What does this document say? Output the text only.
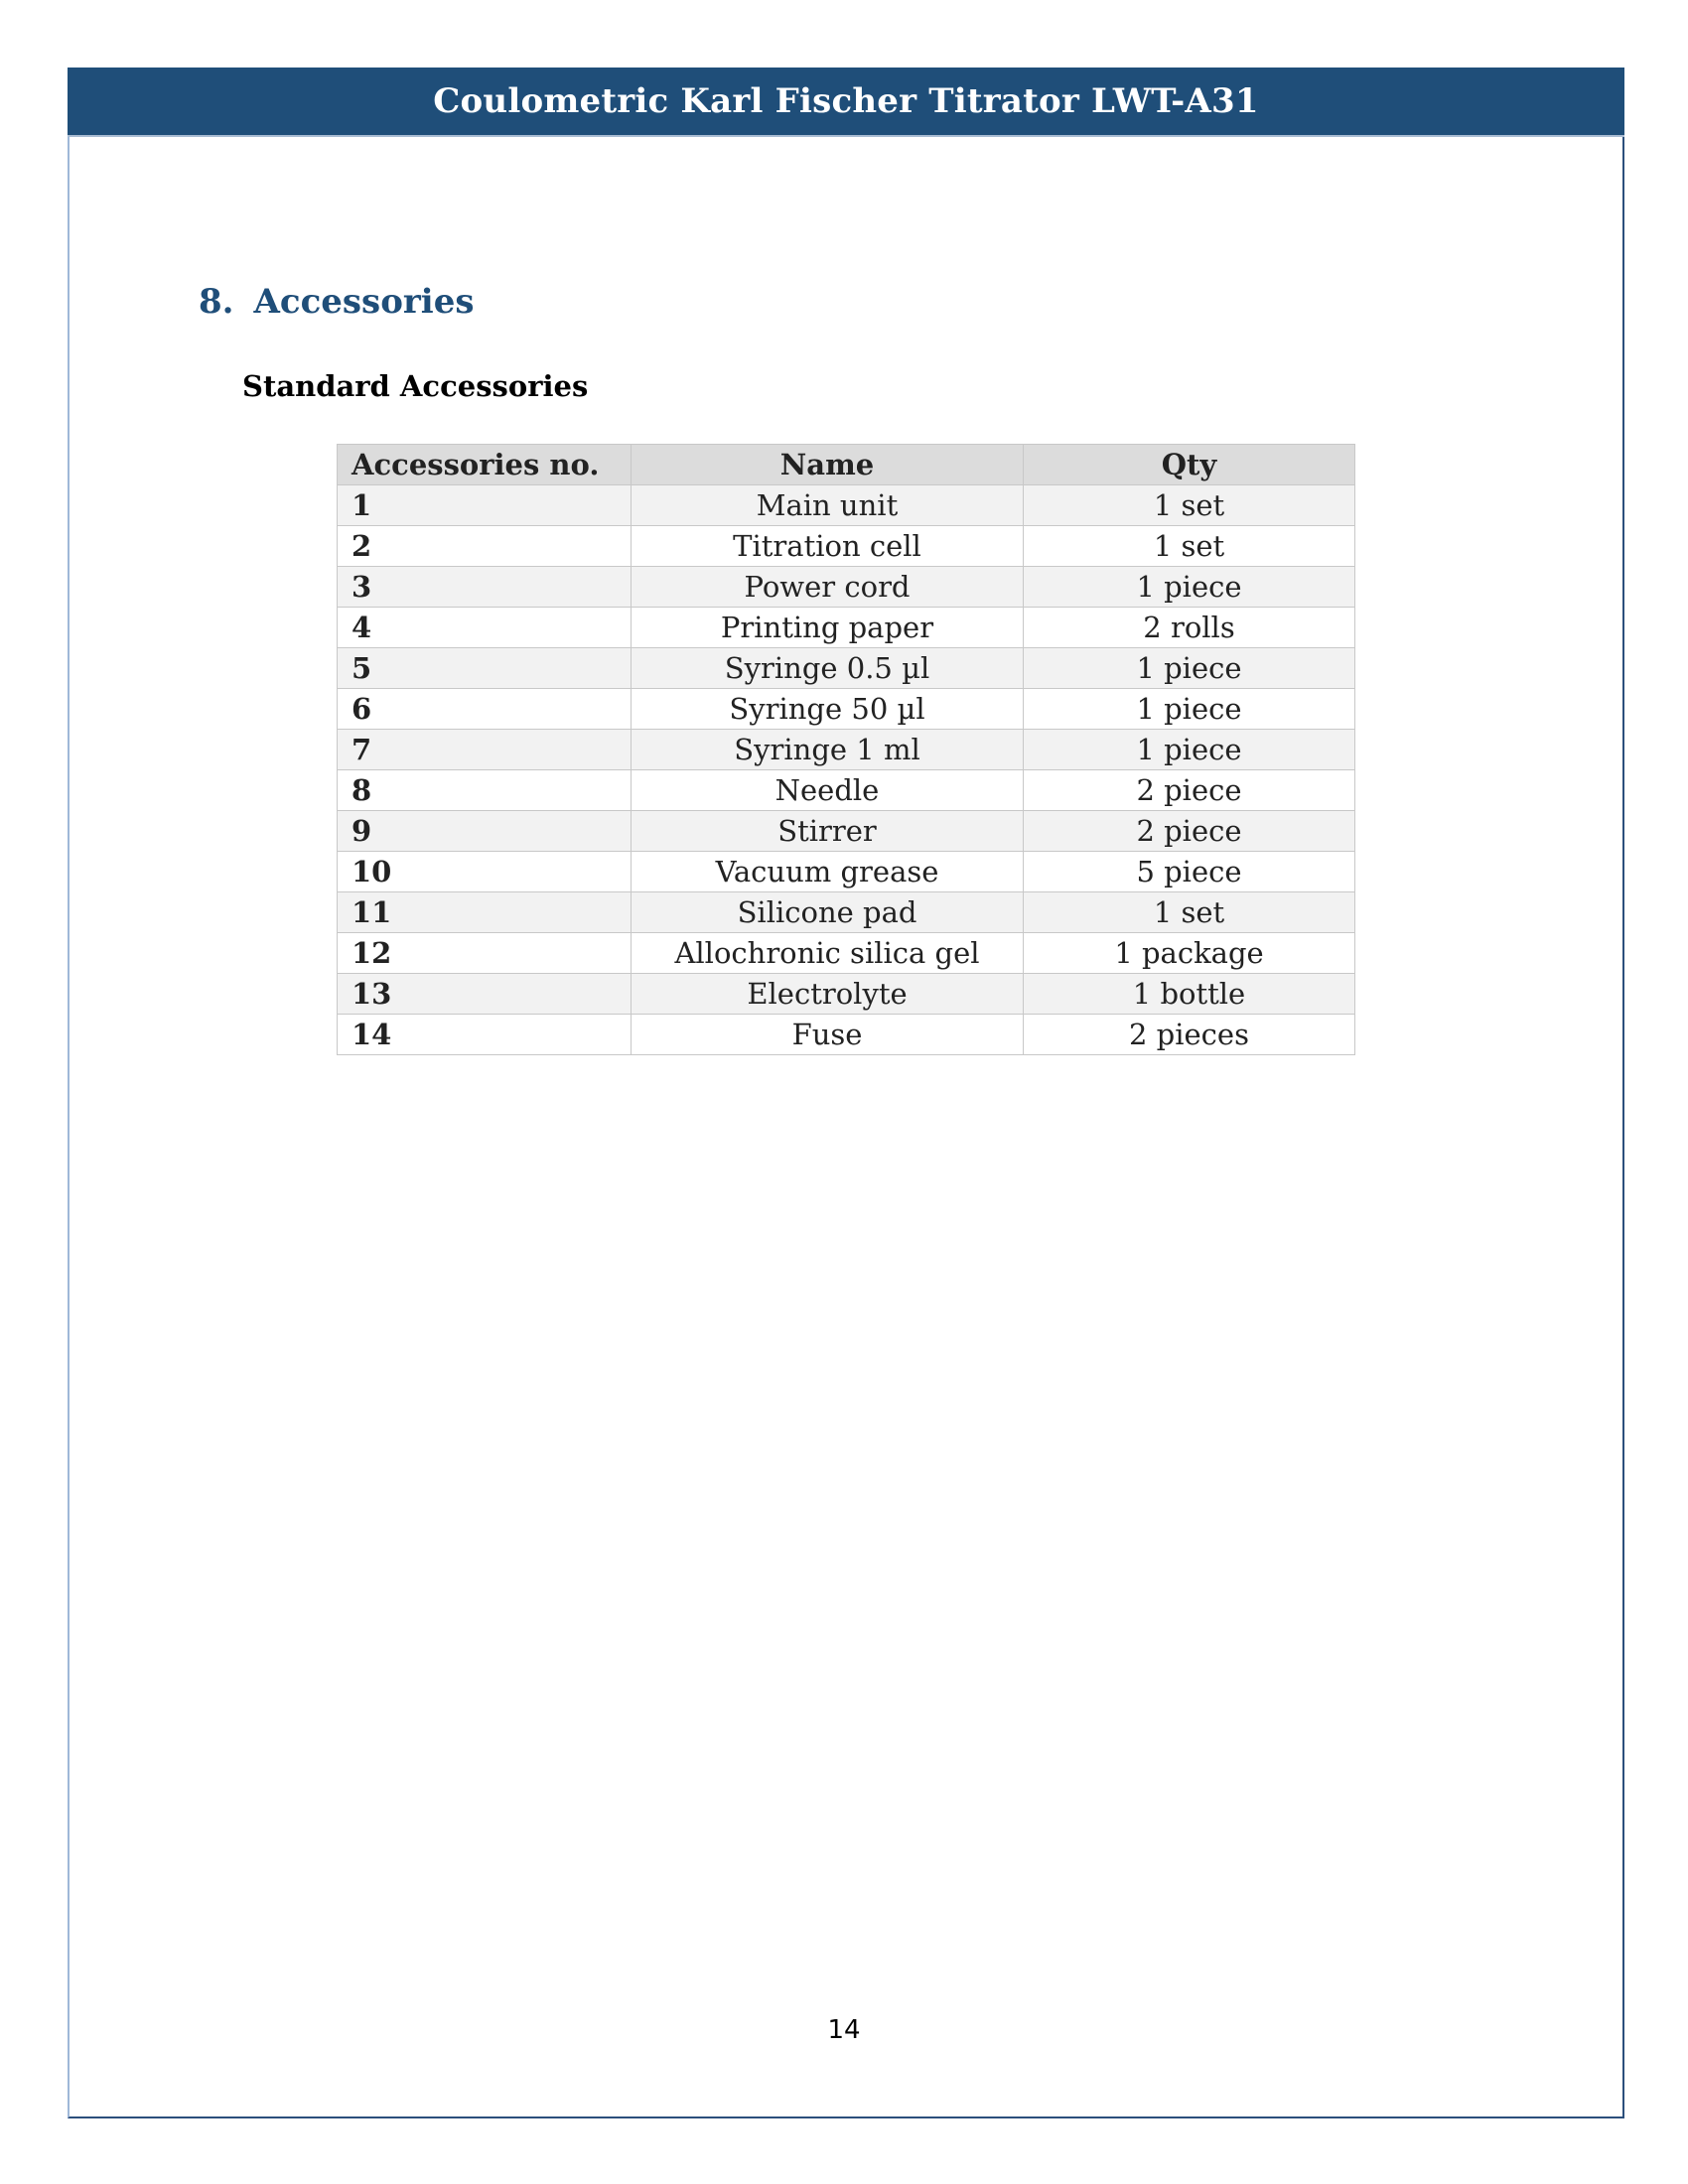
Coulometric Karl Fischer Titrator LWT-A31
8. Accessories
Standard Accessories
Accessories no.	Name	Qty
1	Main unit	1 set
2	Titration cell	1 set
3	Power cord	1 piece
4	Printing paper	2 rolls
5	Syringe 0.5 µl	1 piece
6	Syringe 50 µl	1 piece
7	Syringe 1 ml	1 piece
8	Needle	2 piece
9	Stirrer	2 piece
10	Vacuum grease	5 piece
11	Silicone pad	1 set
12	Allochronic silica gel	1 package
13	Electrolyte	1 bottle
14	Fuse	2 pieces
14
